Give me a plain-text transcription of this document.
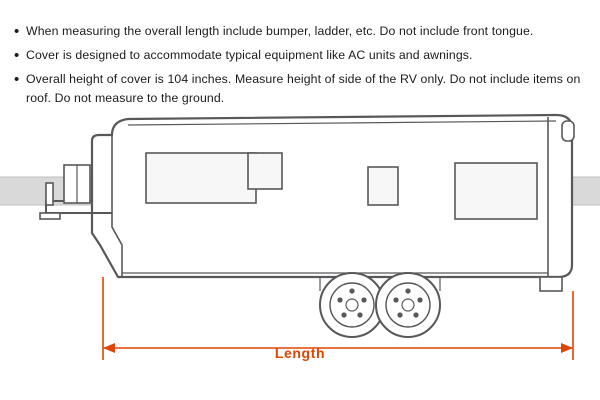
• When measuring the overall length include bumper, ladder, etc. Do not include front tongue.
• Cover is designed to accommodate typical equipment like AC units and awnings.
• Overall height of cover is 104 inches. Measure height of side of the RV only. Do not include items on roof. Do not measure to the ground.
Length
